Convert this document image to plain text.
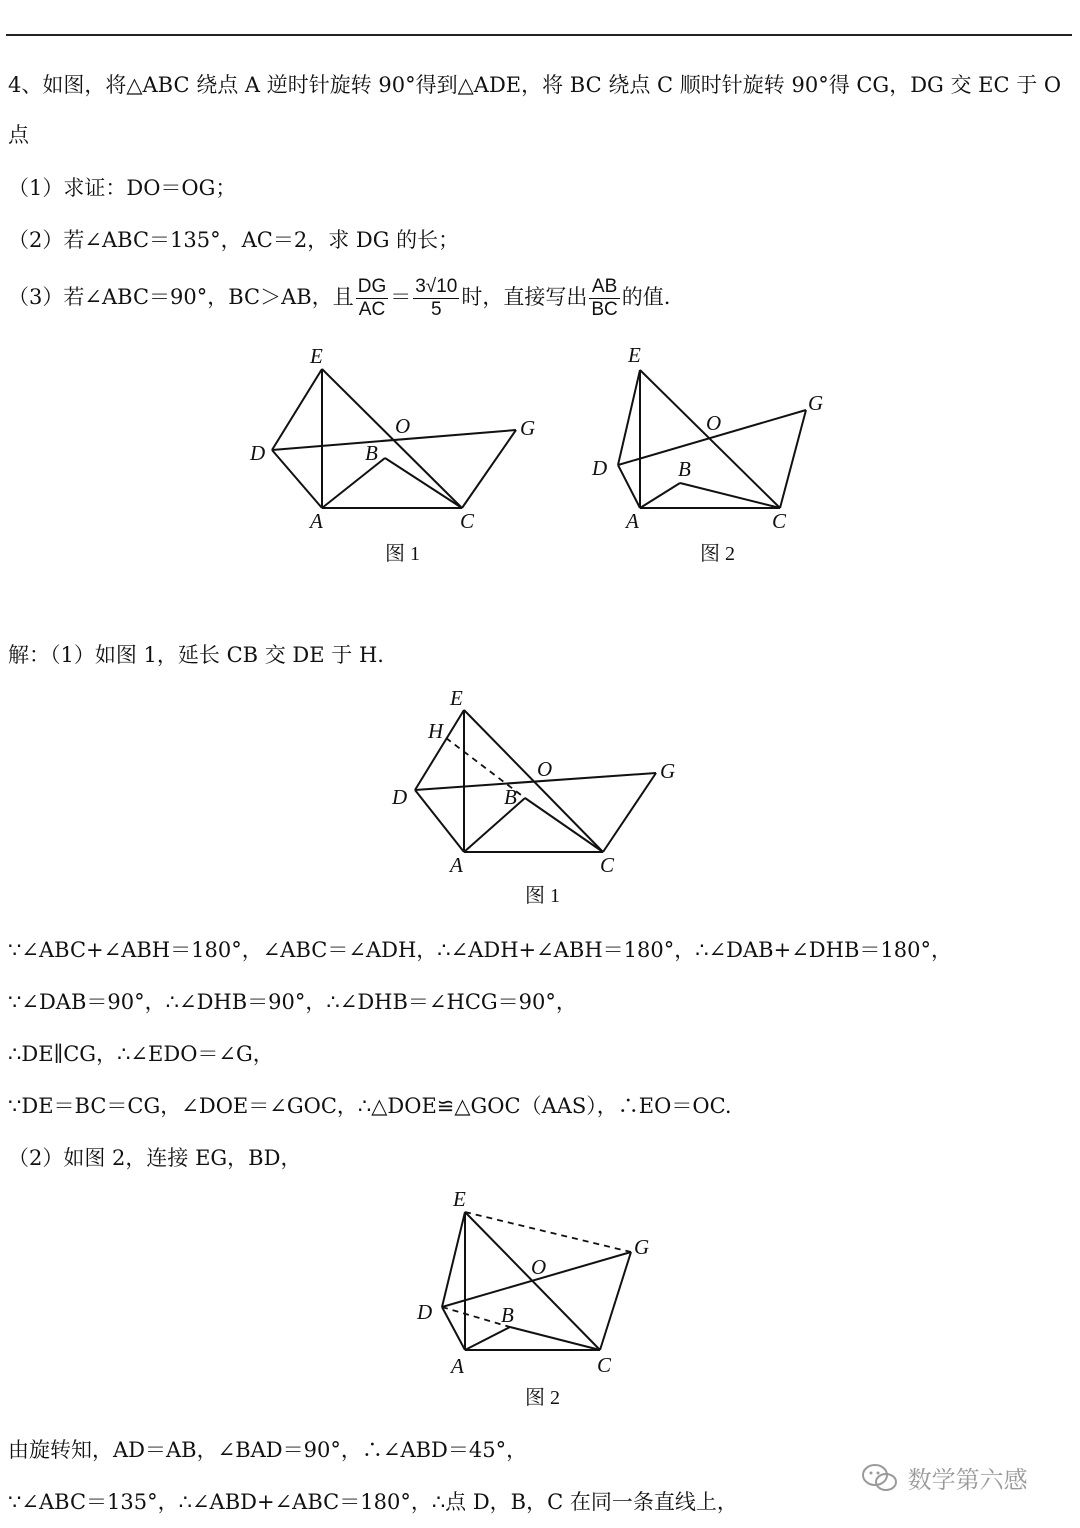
4、如图，将△ABC 绕点 A 逆时针旋转 90°得到△ADE，将 BC 绕点 C 顺时针旋转 90°得 CG，DG 交 EC 于 O
点
（1）求证：DO＝OG；
（2）若∠ABC＝135°，AC＝2，求 DG 的长；
（3）若∠ABC＝90°，BC＞AB，且 $\frac{DG}{AC} = \frac{3√10}{5}$ 时，直接写出 $\frac{AB}{BC}$ 的值.
E
D
A	C
G
O
B
图 1
E
D
A	C
G
O
B
图 2
解：（1）如图 1，延长 CB 交 DE 于 H.
E
H
D
A	C
G
O
B
图 1
∵∠ABC+∠ABH＝180°，∠ABC＝∠ADH，∴∠ADH+∠ABH＝180°，∴∠DAB+∠DHB＝180°，
∵∠DAB＝90°，∴∠DHB＝90°，∴∠DHB＝∠HCG＝90°，
∴DE∥CG，∴∠EDO＝∠G，
∵DE＝BC＝CG，∠DOE＝∠GOC，∴△DOE≌△GOC（AAS），∴EO＝OC.
（2）如图 2，连接 EG，BD，
E
D
A	C
G
O
B
图 2
由旋转知，AD＝AB，∠BAD＝90°，∴∠ABD＝45°，
∵∠ABC＝135°，∴∠ABD+∠ABC＝180°，∴点 D，B，C 在同一条直线上，
数学第六感
